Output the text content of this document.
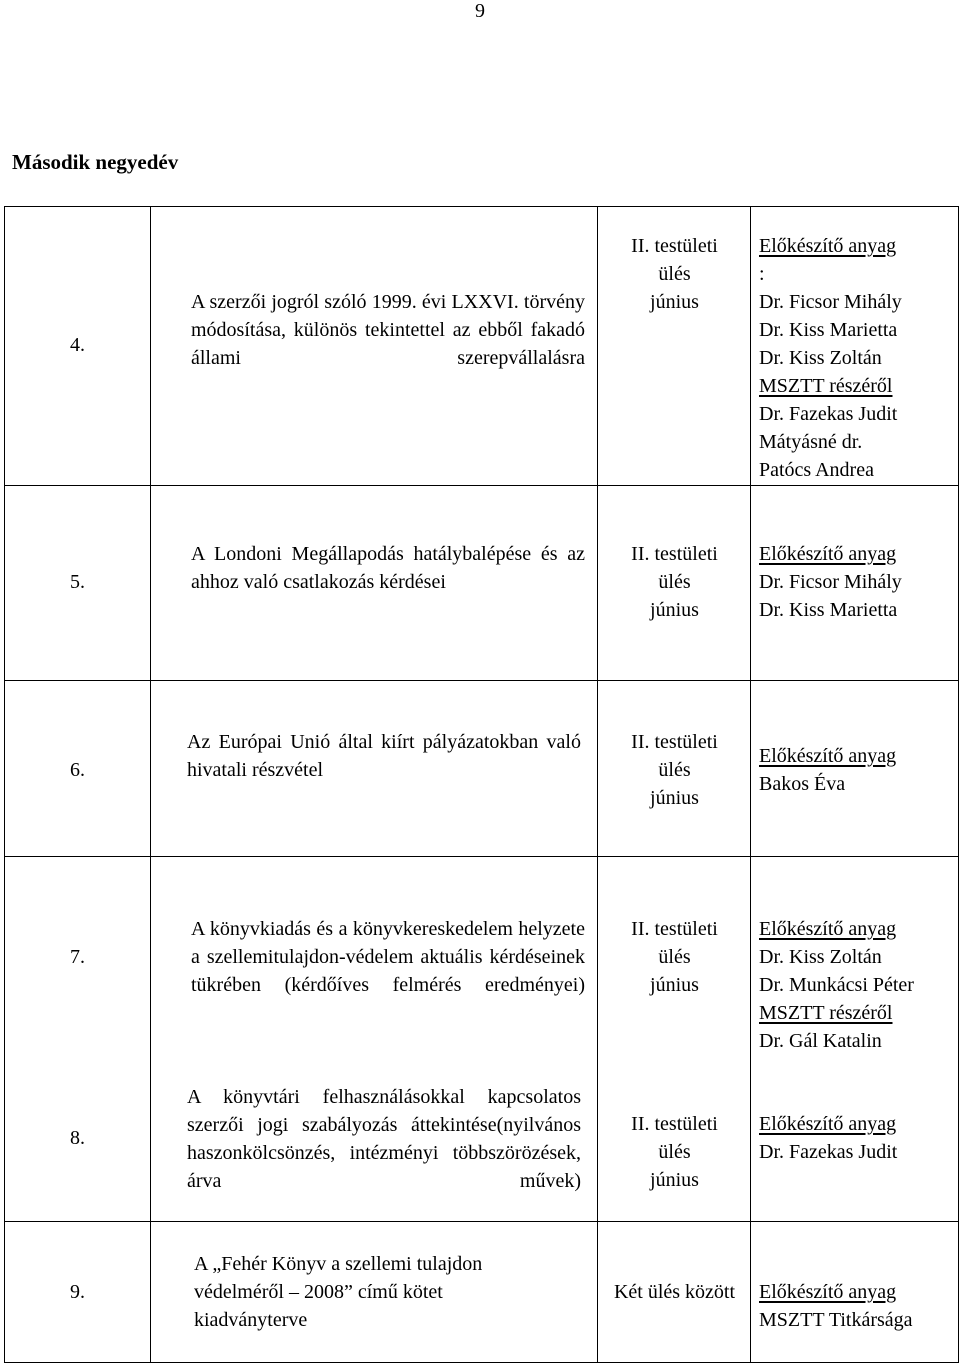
9
Második negyedév
4.
A szerzői jogról szóló 1999. évi LXXVI. törvény módosítása, különös tekintettel az ebből fakadó állami szerepvállalásra
II. testületi
ülés
június
Előkészítő anyag
:
Dr. Ficsor Mihály
Dr. Kiss Marietta
Dr. Kiss Zoltán
MSZTT részéről
Dr. Fazekas Judit
Mátyásné dr.
Patócs Andrea
5.
A Londoni Megállapodás hatálybalépése és az ahhoz való csatlakozás kérdései
II. testületi
ülés
június
Előkészítő anyag
Dr. Ficsor Mihály
Dr. Kiss Marietta
6.
Az Európai Unió által kiírt pályázatokban való hivatali részvétel
II. testületi
ülés
június
Előkészítő anyag
Bakos Éva
7.
A könyvkiadás és a könyvkereskedelem helyzete a szellemitulajdon-védelem aktuális kérdéseinek tükrében (kérdőíves felmérés eredményei)
II. testületi
ülés
június
Előkészítő anyag
Dr. Kiss Zoltán
Dr. Munkácsi Péter
MSZTT részéről
Dr. Gál Katalin
8.
A könyvtári felhasználásokkal kapcsolatos szerzői jogi szabályozás áttekintése(nyilvános haszonkölcsönzés, intézményi többszörözések, árva művek)
II. testületi
ülés
június
Előkészítő anyag
Dr. Fazekas Judit
9.
A „Fehér Könyv a szellemi tulajdon
védelméről – 2008” című kötet
kiadványterve
Két ülés között	Előkészítő anyag
MSZTT Titkársága
